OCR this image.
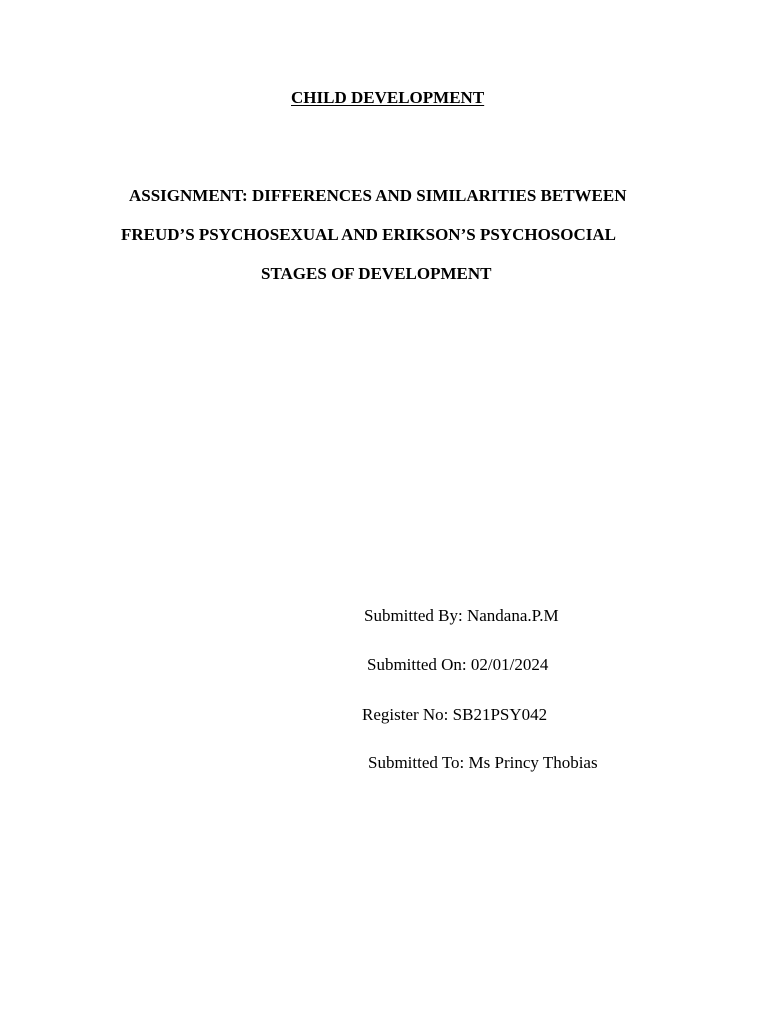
CHILD DEVELOPMENT
ASSIGNMENT: DIFFERENCES AND SIMILARITIES BETWEEN
FREUD’S PSYCHOSEXUAL AND ERIKSON’S PSYCHOSOCIAL
STAGES OF DEVELOPMENT
Submitted By: Nandana.P.M
Submitted On: 02/01/2024
Register No: SB21PSY042
Submitted To: Ms Princy Thobias
